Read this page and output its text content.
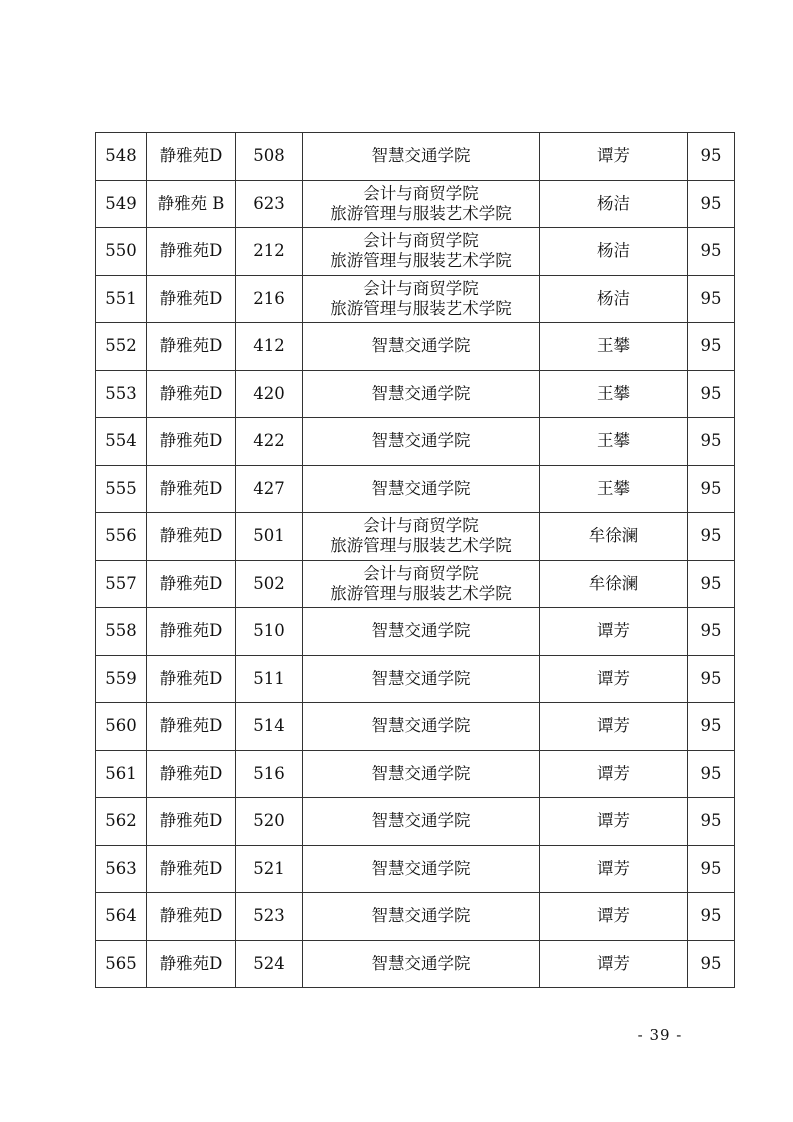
548	静雅苑D	508	智慧交通学院	谭芳	95
549	静雅苑 B	623	会计与商贸学院
旅游管理与服装艺术学院	杨洁	95
550	静雅苑D	212	会计与商贸学院
旅游管理与服装艺术学院	杨洁	95
551	静雅苑D	216	会计与商贸学院
旅游管理与服装艺术学院	杨洁	95
552	静雅苑D	412	智慧交通学院	王攀	95
553	静雅苑D	420	智慧交通学院	王攀	95
554	静雅苑D	422	智慧交通学院	王攀	95
555	静雅苑D	427	智慧交通学院	王攀	95
556	静雅苑D	501	会计与商贸学院
旅游管理与服装艺术学院	牟徐澜	95
557	静雅苑D	502	会计与商贸学院
旅游管理与服装艺术学院	牟徐澜	95
558	静雅苑D	510	智慧交通学院	谭芳	95
559	静雅苑D	511	智慧交通学院	谭芳	95
560	静雅苑D	514	智慧交通学院	谭芳	95
561	静雅苑D	516	智慧交通学院	谭芳	95
562	静雅苑D	520	智慧交通学院	谭芳	95
563	静雅苑D	521	智慧交通学院	谭芳	95
564	静雅苑D	523	智慧交通学院	谭芳	95
565	静雅苑D	524	智慧交通学院	谭芳	95
- 39 -
